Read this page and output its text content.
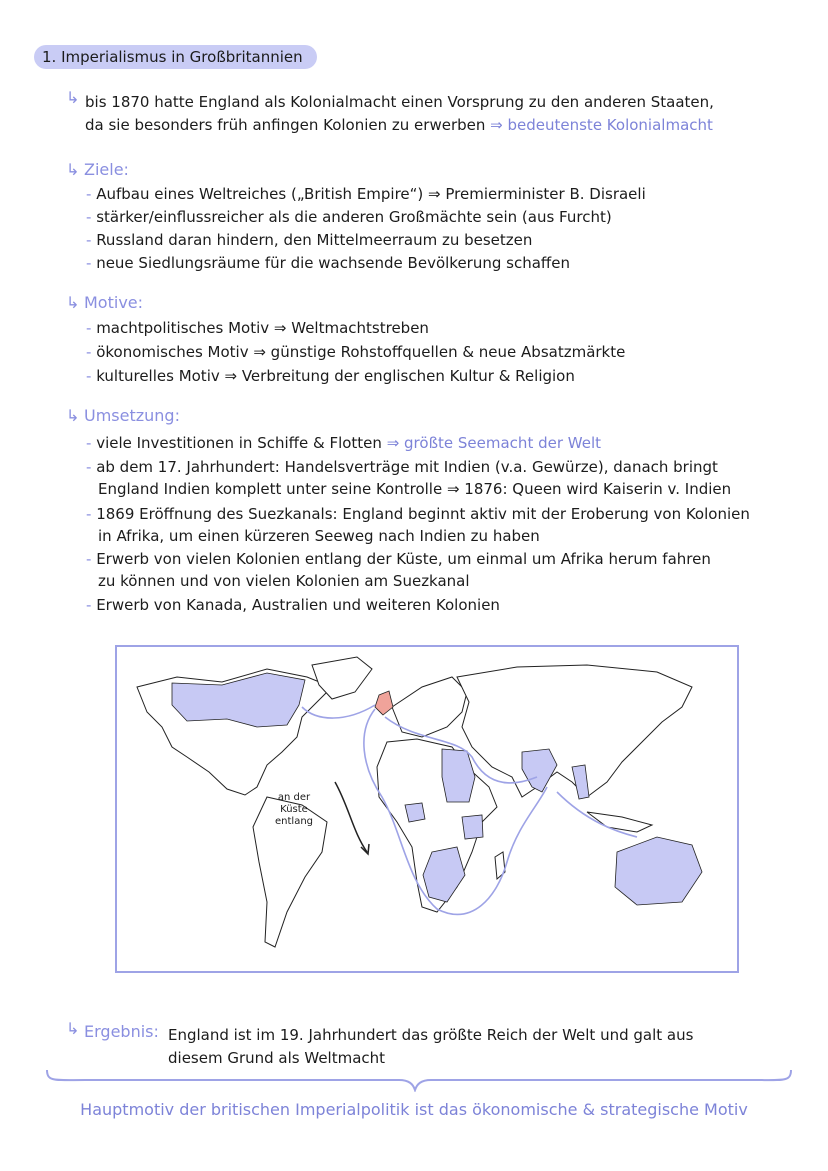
1. Imperialismus in Großbritannien
↳ bis 1870 hatte England als Kolonialmacht einen Vorsprung zu den anderen Staaten,
da sie besonders früh anfingen Kolonien zu erwerben ⇒ bedeutenste Kolonialmacht
↳ Ziele:
- Aufbau eines Weltreiches („British Empire“) ⇒ Premierminister B. Disraeli
- stärker/einflussreicher als die anderen Großmächte sein (aus Furcht)
- Russland daran hindern, den Mittelmeerraum zu besetzen
- neue Siedlungsräume für die wachsende Bevölkerung schaffen
↳ Motive:
- machtpolitisches Motiv ⇒ Weltmachtstreben
- ökonomisches Motiv ⇒ günstige Rohstoffquellen & neue Absatzmärkte
- kulturelles Motiv ⇒ Verbreitung der englischen Kultur & Religion
↳ Umsetzung:
- viele Investitionen in Schiffe & Flotten ⇒ größte Seemacht der Welt
- ab dem 17. Jahrhundert: Handelsverträge mit Indien (v.a. Gewürze), danach bringt
England Indien komplett unter seine Kontrolle ⇒ 1876: Queen wird Kaiserin v. Indien
- 1869 Eröffnung des Suezkanals: England beginnt aktiv mit der Eroberung von Kolonien
in Afrika, um einen kürzeren Seeweg nach Indien zu haben
- Erwerb von vielen Kolonien entlang der Küste, um einmal um Afrika herum fahren
zu können und von vielen Kolonien am Suezkanal
- Erwerb von Kanada, Australien und weiteren Kolonien
an der
Küste
entlang
↳ Ergebnis: England ist im 19. Jahrhundert das größte Reich der Welt und galt aus
diesem Grund als Weltmacht
Hauptmotiv der britischen Imperialpolitik ist das ökonomische & strategische Motiv
